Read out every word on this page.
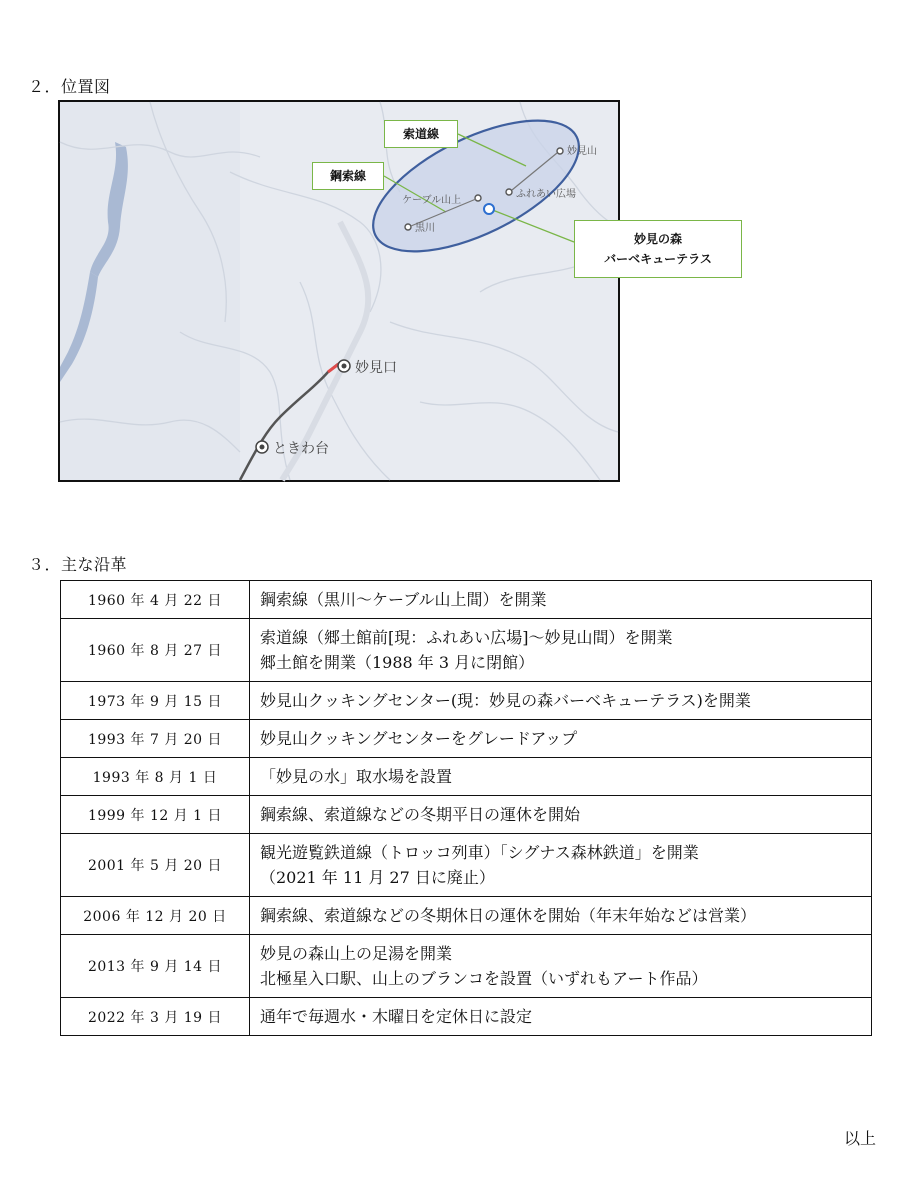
２．位置図
妙見山
ふれあい広場
ケーブル山上
黒川
妙見口
ときわ台
索道線
鋼索線
妙見の森
バーベキューテラス
３．主な沿革
1960 年 4 月 22 日	鋼索線（黒川～ケーブル山上間）を開業

1960 年 8 月 27 日	索道線（郷土館前[現：ふれあい広場]～妙見山間）を開業
郷土館を開業（1988 年 3 月に閉館）

1973 年 9 月 15 日	妙見山クッキングセンター(現：妙見の森バーベキューテラス)を開業

1993 年 7 月 20 日	妙見山クッキングセンターをグレードアップ

1993 年 8 月 1 日	「妙見の水」取水場を設置

1999 年 12 月 1 日	鋼索線、索道線などの冬期平日の運休を開始

2001 年 5 月 20 日	観光遊覧鉄道線（トロッコ列車）「シグナス森林鉄道」を開業
（2021 年 11 月 27 日に廃止）

2006 年 12 月 20 日	鋼索線、索道線などの冬期休日の運休を開始（年末年始などは営業）

2013 年 9 月 14 日	妙見の森山上の足湯を開業
北極星入口駅、山上のブランコを設置（いずれもアート作品）

2022 年 3 月 19 日	通年で毎週水・木曜日を定休日に設定
以上
